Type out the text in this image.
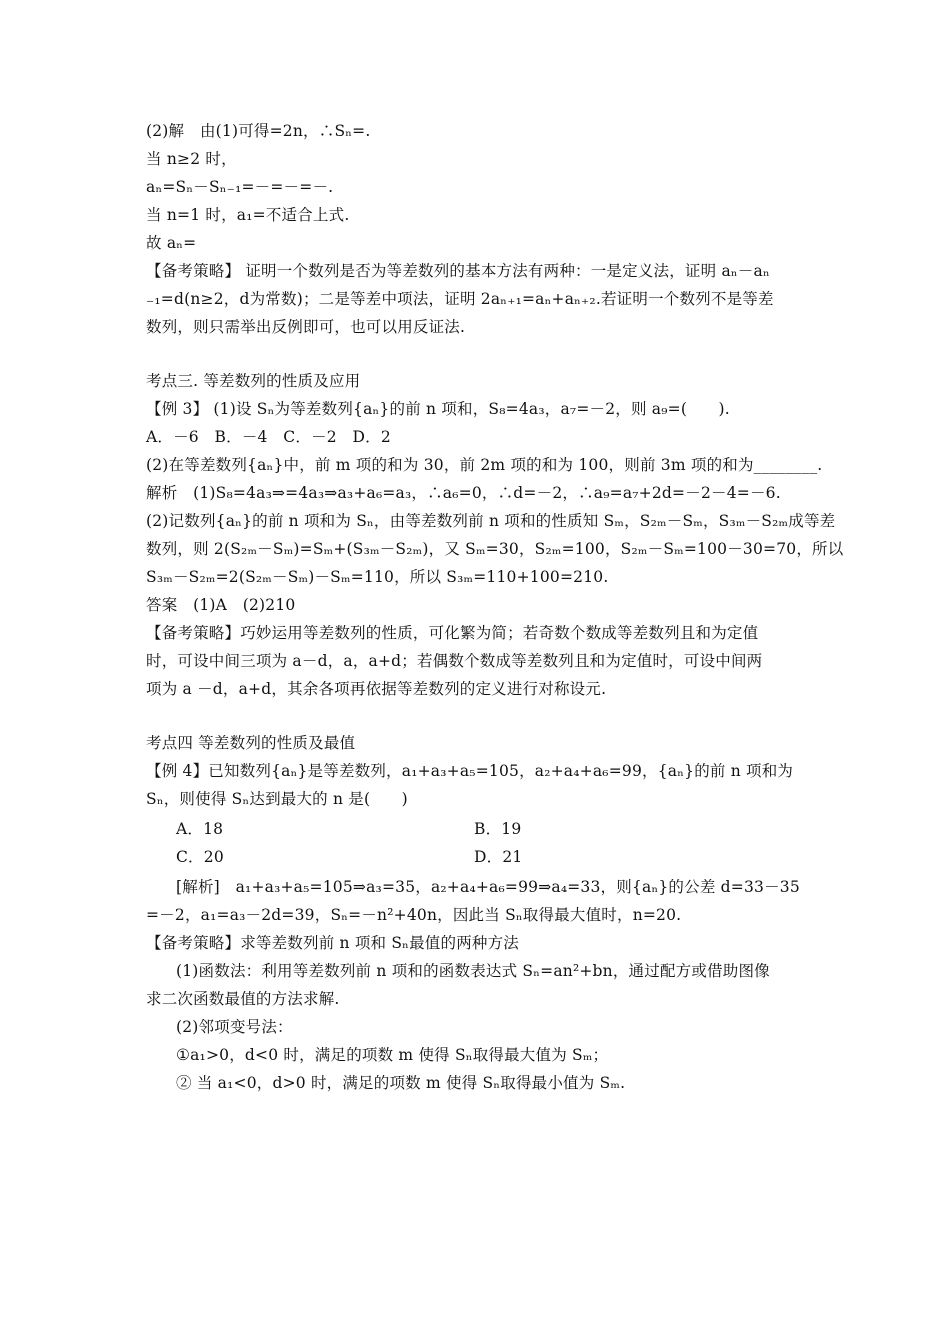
(2)解　由(1)可得=2n，∴Sₙ=.
当 n≥2 时，
aₙ=Sₙ－Sₙ₋₁=－=－=－.
当 n=1 时，a₁=不适合上式.
故 aₙ=
【备考策略】 证明一个数列是否为等差数列的基本方法有两种：一是定义法，证明 aₙ－aₙ
₋₁=d(n≥2，d为常数)；二是等差中项法，证明 2aₙ₊₁=aₙ+aₙ₊₂.若证明一个数列不是等差
数列，则只需举出反例即可，也可以用反证法.
考点三. 等差数列的性质及应用
【例 3】 (1)设 Sₙ为等差数列{aₙ}的前 n 项和，S₈=4a₃，a₇=－2，则 a₉=(　　).
A．－6　B．－4　C．－2　D．2
(2)在等差数列{aₙ}中，前 m 项的和为 30，前 2m 项的和为 100，则前 3m 项的和为________.
解析　(1)S₈=4a₃⇒=4a₃⇒a₃+a₆=a₃，∴a₆=0，∴d=－2，∴a₉=a₇+2d=－2－4=－6.
(2)记数列{aₙ}的前 n 项和为 Sₙ，由等差数列前 n 项和的性质知 Sₘ，S₂ₘ－Sₘ，S₃ₘ－S₂ₘ成等差
数列，则 2(S₂ₘ－Sₘ)=Sₘ+(S₃ₘ－S₂ₘ)，又 Sₘ=30，S₂ₘ=100，S₂ₘ－Sₘ=100－30=70，所以
S₃ₘ－S₂ₘ=2(S₂ₘ－Sₘ)－Sₘ=110，所以 S₃ₘ=110+100=210.
答案　(1)A　(2)210
【备考策略】巧妙运用等差数列的性质，可化繁为简；若奇数个数成等差数列且和为定值
时，可设中间三项为 a－d，a，a+d；若偶数个数成等差数列且和为定值时，可设中间两
项为 a －d，a+d，其余各项再依据等差数列的定义进行对称设元.
考点四 等差数列的性质及最值
【例 4】已知数列{aₙ}是等差数列，a₁+a₃+a₅=105，a₂+a₄+a₆=99，{aₙ}的前 n 项和为
Sₙ，则使得 Sₙ达到最大的 n 是(　　)
A．18	B．19
C．20	D．21
[解析]　a₁+a₃+a₅=105⇒a₃=35，a₂+a₄+a₆=99⇒a₄=33，则{aₙ}的公差 d=33－35
=－2，a₁=a₃－2d=39，Sₙ=－n²+40n，因此当 Sₙ取得最大值时，n=20.
【备考策略】求等差数列前 n 项和 Sₙ最值的两种方法
(1)函数法：利用等差数列前 n 项和的函数表达式 Sₙ=an²+bn，通过配方或借助图像
求二次函数最值的方法求解.
(2)邻项变号法：
①a₁>0，d<0 时，满足的项数 m 使得 Sₙ取得最大值为 Sₘ；
② 当 a₁<0，d>0 时，满足的项数 m 使得 Sₙ取得最小值为 Sₘ.
